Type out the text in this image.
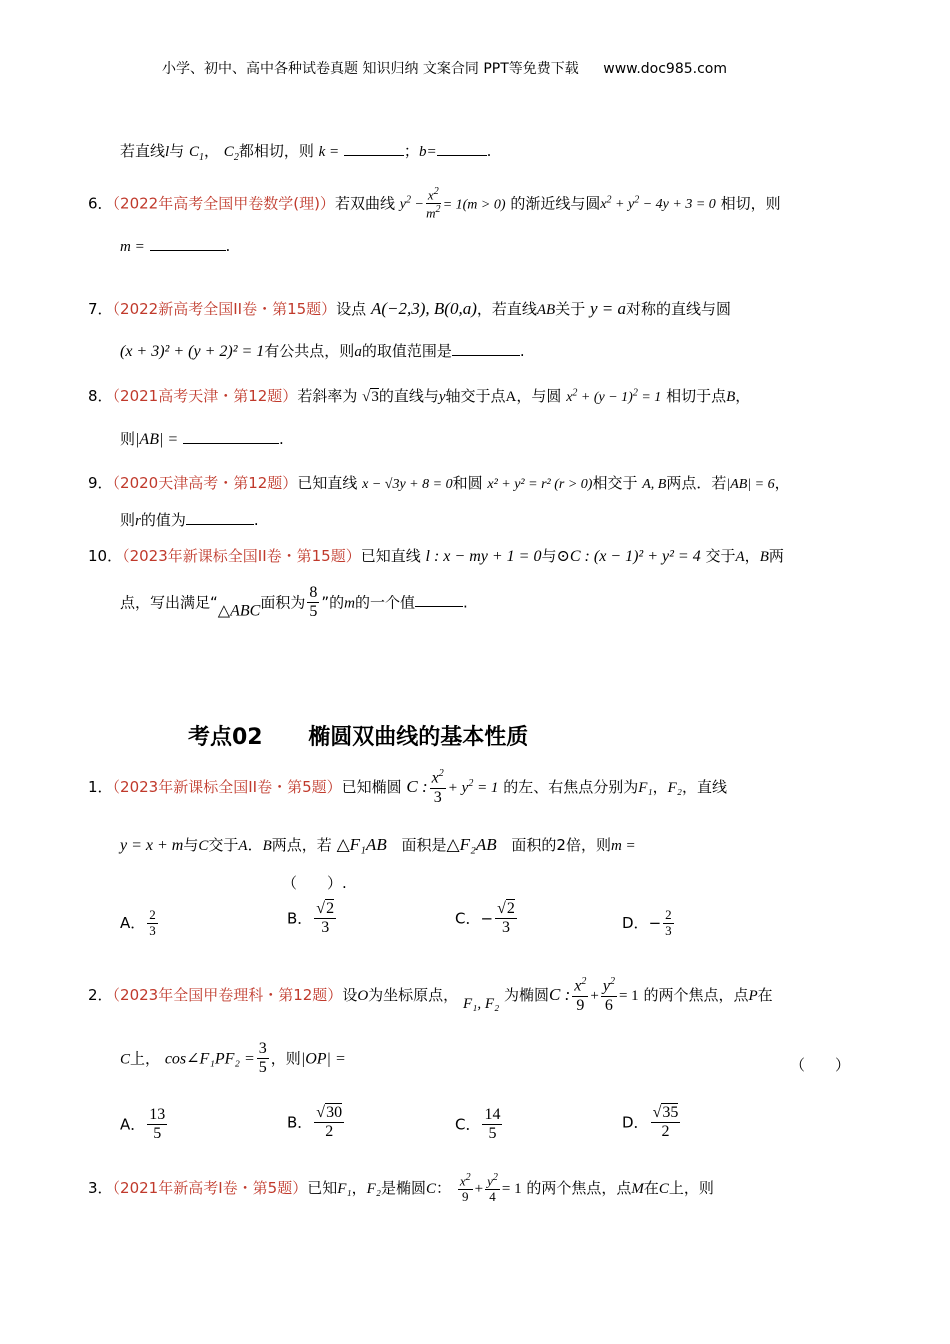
小学、初中、高中各种试卷真题 知识归纳 文案合同 PPT等免费下载 www.doc985.com
若直线l与 $C_1$， $C_2$都相切，则 k =	；b=	.
6．（2022年高考全国甲卷数学(理)）若双曲线 $y^2 - \frac{x^2}{m^2} = 1(m > 0)$ 的渐近线与圆$x^2 + y^2 - 4y + 3 = 0$ 相切，则
m =	.
7．（2022新高考全国II卷・第15题）设点 A(−2,3), B(0,a)，若直线AB关于 y = a对称的直线与圆
(x + 3)² + (y + 2)² = 1有公共点，则a的取值范围是	.
8．（2021高考天津・第12题）若斜率为 √3的直线与y轴交于点A，与圆 $x^2 + (y - 1)^2 = 1$ 相切于点B，
则|AB| =	.
9．（2020天津高考・第12题）已知直线 x − √3y + 8 = 0和圆 x² + y² = r² (r > 0)相交于 A, B两点．若|AB| = 6，
则r的值为	.
10．（2023年新课标全国II卷・第15题）已知直线 l : x − my + 1 = 0与⊙C : (x − 1)² + y² = 4 交于A，B两
点，写出满足“△ABC面积为 $\frac{8}{5}$ ”的m的一个值	.
考点02 椭圆双曲线的基本性质
1．（2023年新课标全国II卷・第5题）已知椭圆 C : $\frac{x^2}{3} + y^2 = 1$ 的左、右焦点分别为F₁，F₂，直线
y = x + m与C交于A．B两点，若 △F₁AB 面积是△F₂AB 面积的2倍，则m =
（　　）.
A． $\frac{2}{3}$	B． $\frac{√2}{3}$	C．− $\frac{√2}{3}$	D．− $\frac{2}{3}$
2．（2023年全国甲卷理科・第12题）设O为坐标原点， F₁, F₂ 为椭圆C : $\frac{x^2}{9} + \frac{y^2}{6} = 1$ 的两个焦点，点P在
C上， cos∠F₁PF₂ = $\frac{3}{5}$ ，则|OP| =	（　　）
A． $\frac{13}{5}$	B． $\frac{√30}{2}$	C． $\frac{14}{5}$	D． $\frac{√35}{2}$
3．（2021年新高考Ⅰ卷・第5题）已知F₁，F₂是椭圆C： $\frac{x^2}{9} + \frac{y^2}{4} = 1$ 的两个焦点，点M在C上，则
